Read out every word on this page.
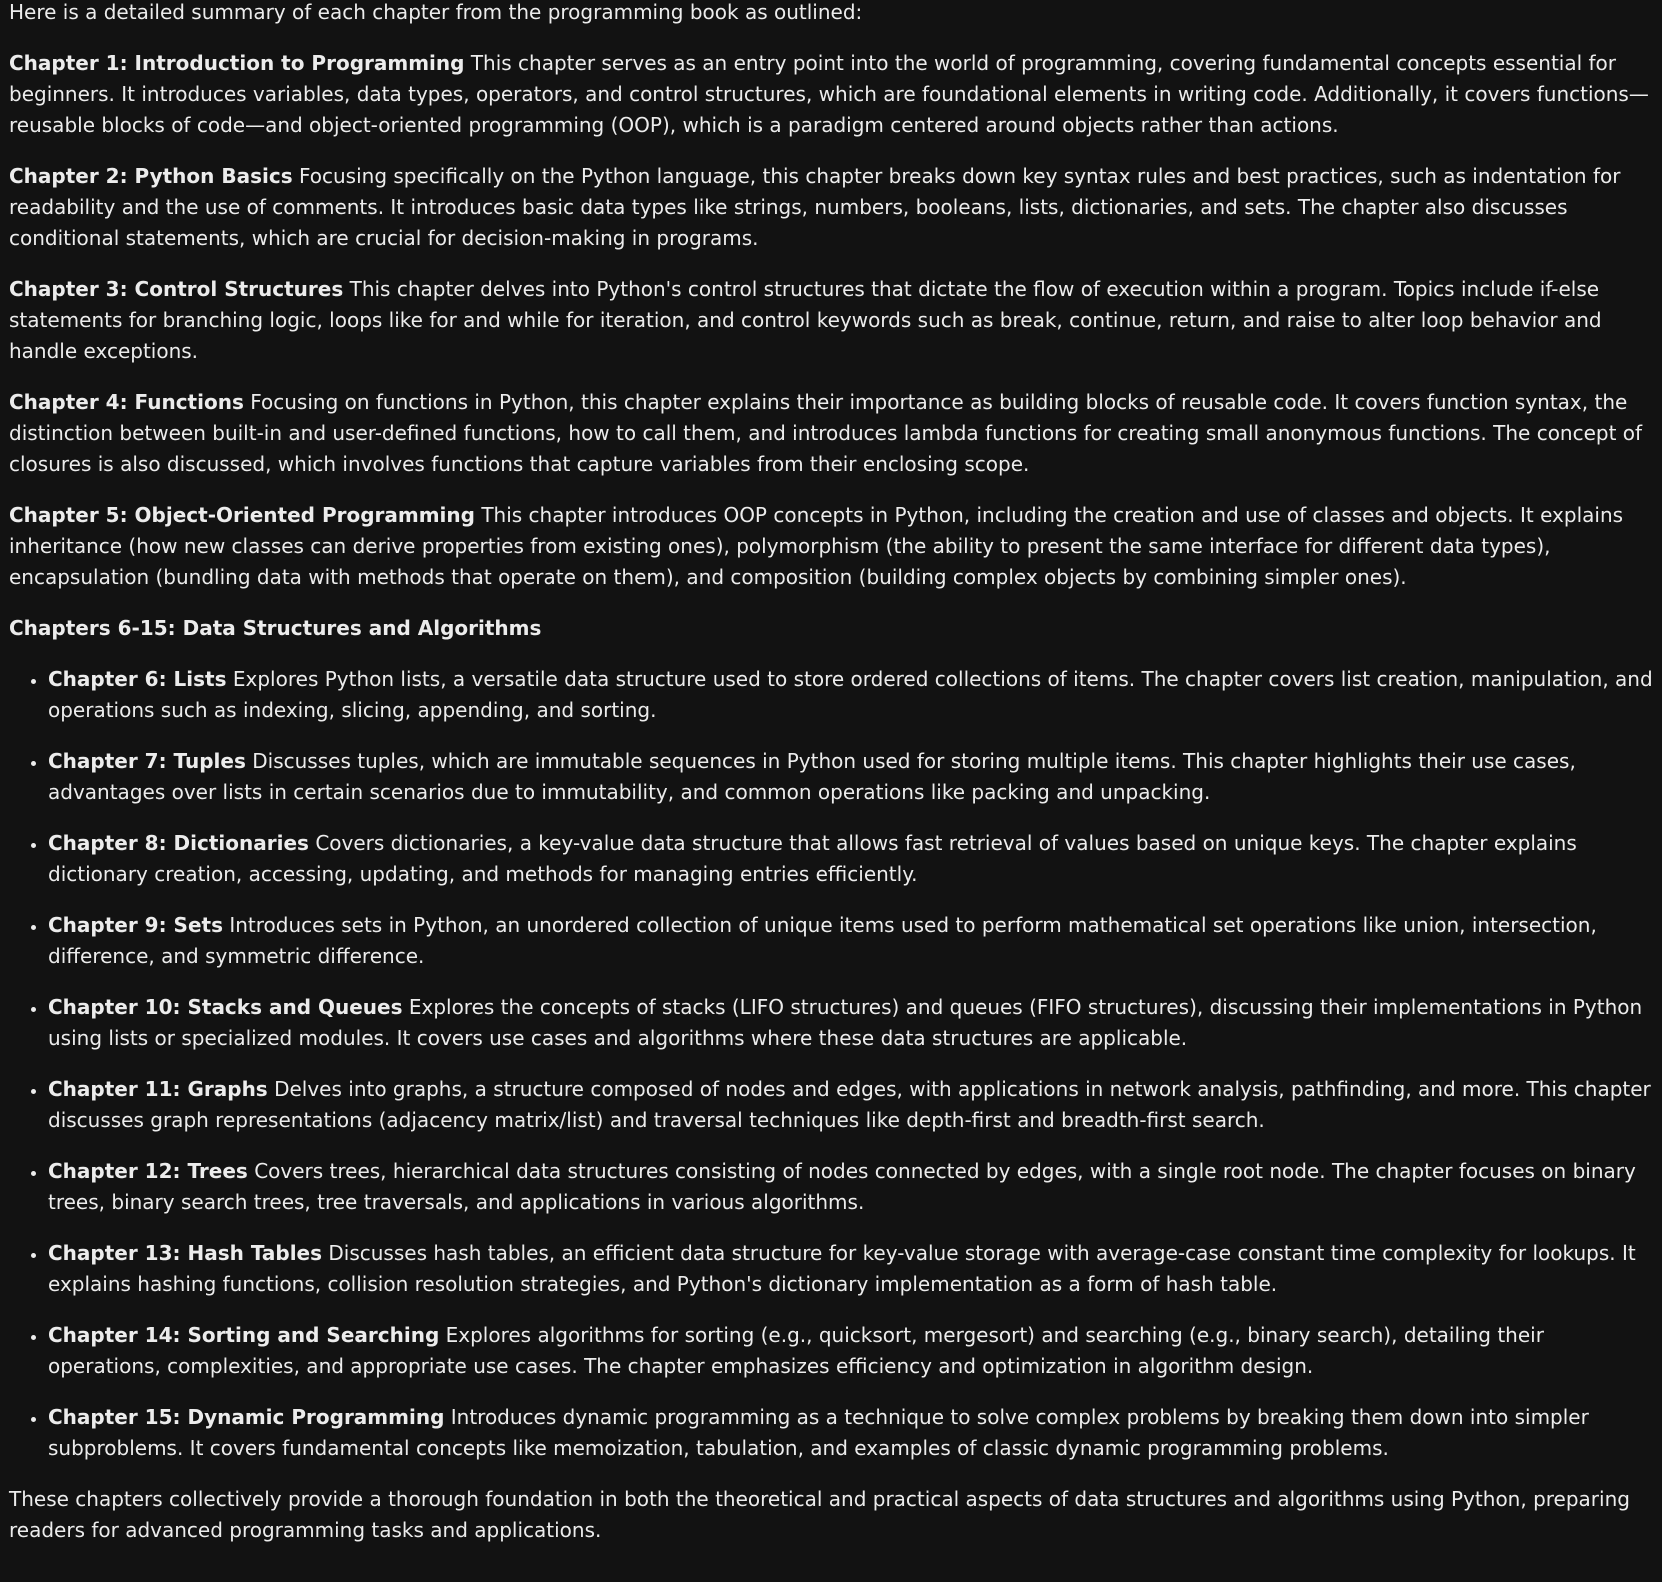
Here is a detailed summary of each chapter from the programming book as outlined:

Chapter 1: Introduction to Programming This chapter serves as an entry point into the world of programming, covering fundamental concepts essential for beginners. It introduces variables, data types, operators, and control structures, which are foundational elements in writing code. Additionally, it covers functions—reusable blocks of code—and object-oriented programming (OOP), which is a paradigm centered around objects rather than actions.

Chapter 2: Python Basics Focusing specifically on the Python language, this chapter breaks down key syntax rules and best practices, such as indentation for readability and the use of comments. It introduces basic data types like strings, numbers, booleans, lists, dictionaries, and sets. The chapter also discusses conditional statements, which are crucial for decision-making in programs.

Chapter 3: Control Structures This chapter delves into Python's control structures that dictate the flow of execution within a program. Topics include if-else statements for branching logic, loops like for and while for iteration, and control keywords such as break, continue, return, and raise to alter loop behavior and handle exceptions.

Chapter 4: Functions Focusing on functions in Python, this chapter explains their importance as building blocks of reusable code. It covers function syntax, the distinction between built-in and user-defined functions, how to call them, and introduces lambda functions for creating small anonymous functions. The concept of closures is also discussed, which involves functions that capture variables from their enclosing scope.

Chapter 5: Object-Oriented Programming This chapter introduces OOP concepts in Python, including the creation and use of classes and objects. It explains inheritance (how new classes can derive properties from existing ones), polymorphism (the ability to present the same interface for different data types), encapsulation (bundling data with methods that operate on them), and composition (building complex objects by combining simpler ones).

Chapters 6-15: Data Structures and Algorithms

• Chapter 6: Lists Explores Python lists, a versatile data structure used to store ordered collections of items. The chapter covers list creation, manipulation, and operations such as indexing, slicing, appending, and sorting.
• Chapter 7: Tuples Discusses tuples, which are immutable sequences in Python used for storing multiple items. This chapter highlights their use cases, advantages over lists in certain scenarios due to immutability, and common operations like packing and unpacking.
• Chapter 8: Dictionaries Covers dictionaries, a key-value data structure that allows fast retrieval of values based on unique keys. The chapter explains dictionary creation, accessing, updating, and methods for managing entries efficiently.
• Chapter 9: Sets Introduces sets in Python, an unordered collection of unique items used to perform mathematical set operations like union, intersection, difference, and symmetric difference.
• Chapter 10: Stacks and Queues Explores the concepts of stacks (LIFO structures) and queues (FIFO structures), discussing their implementations in Python using lists or specialized modules. It covers use cases and algorithms where these data structures are applicable.
• Chapter 11: Graphs Delves into graphs, a structure composed of nodes and edges, with applications in network analysis, pathfinding, and more. This chapter discusses graph representations (adjacency matrix/list) and traversal techniques like depth-first and breadth-first search.
• Chapter 12: Trees Covers trees, hierarchical data structures consisting of nodes connected by edges, with a single root node. The chapter focuses on binary trees, binary search trees, tree traversals, and applications in various algorithms.
• Chapter 13: Hash Tables Discusses hash tables, an efficient data structure for key-value storage with average-case constant time complexity for lookups. It explains hashing functions, collision resolution strategies, and Python's dictionary implementation as a form of hash table.
• Chapter 14: Sorting and Searching Explores algorithms for sorting (e.g., quicksort, mergesort) and searching (e.g., binary search), detailing their operations, complexities, and appropriate use cases. The chapter emphasizes efficiency and optimization in algorithm design.
• Chapter 15: Dynamic Programming Introduces dynamic programming as a technique to solve complex problems by breaking them down into simpler subproblems. It covers fundamental concepts like memoization, tabulation, and examples of classic dynamic programming problems.

These chapters collectively provide a thorough foundation in both the theoretical and practical aspects of data structures and algorithms using Python, preparing readers for advanced programming tasks and applications.
